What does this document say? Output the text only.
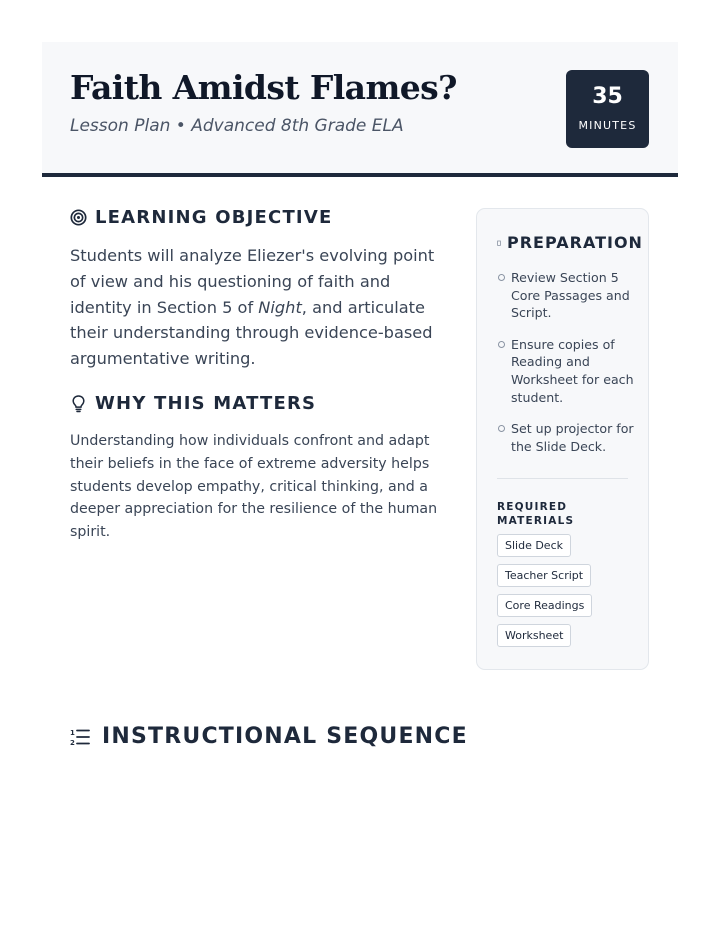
Faith Amidst Flames?
Lesson Plan • Advanced 8th Grade ELA
35
MINUTES
LEARNING OBJECTIVE

Students will analyze Eliezer's evolving point of view and his questioning of faith and identity in Section 5 of Night, and articulate their understanding through evidence-based argumentative writing.

WHY THIS MATTERS

Understanding how individuals confront and adapt their beliefs in the face of extreme adversity helps students develop empathy, critical thinking, and a deeper appreciation for the resilience of the human spirit.

PREPARATION
Review Section 5 Core Passages and Script.
Ensure copies of Reading and Worksheet for each student.
Set up projector for the Slide Deck.
REQUIRED MATERIALS
Slide Deck
Teacher Script
Core Readings
Worksheet
1
2 INSTRUCTIONAL SEQUENCE
